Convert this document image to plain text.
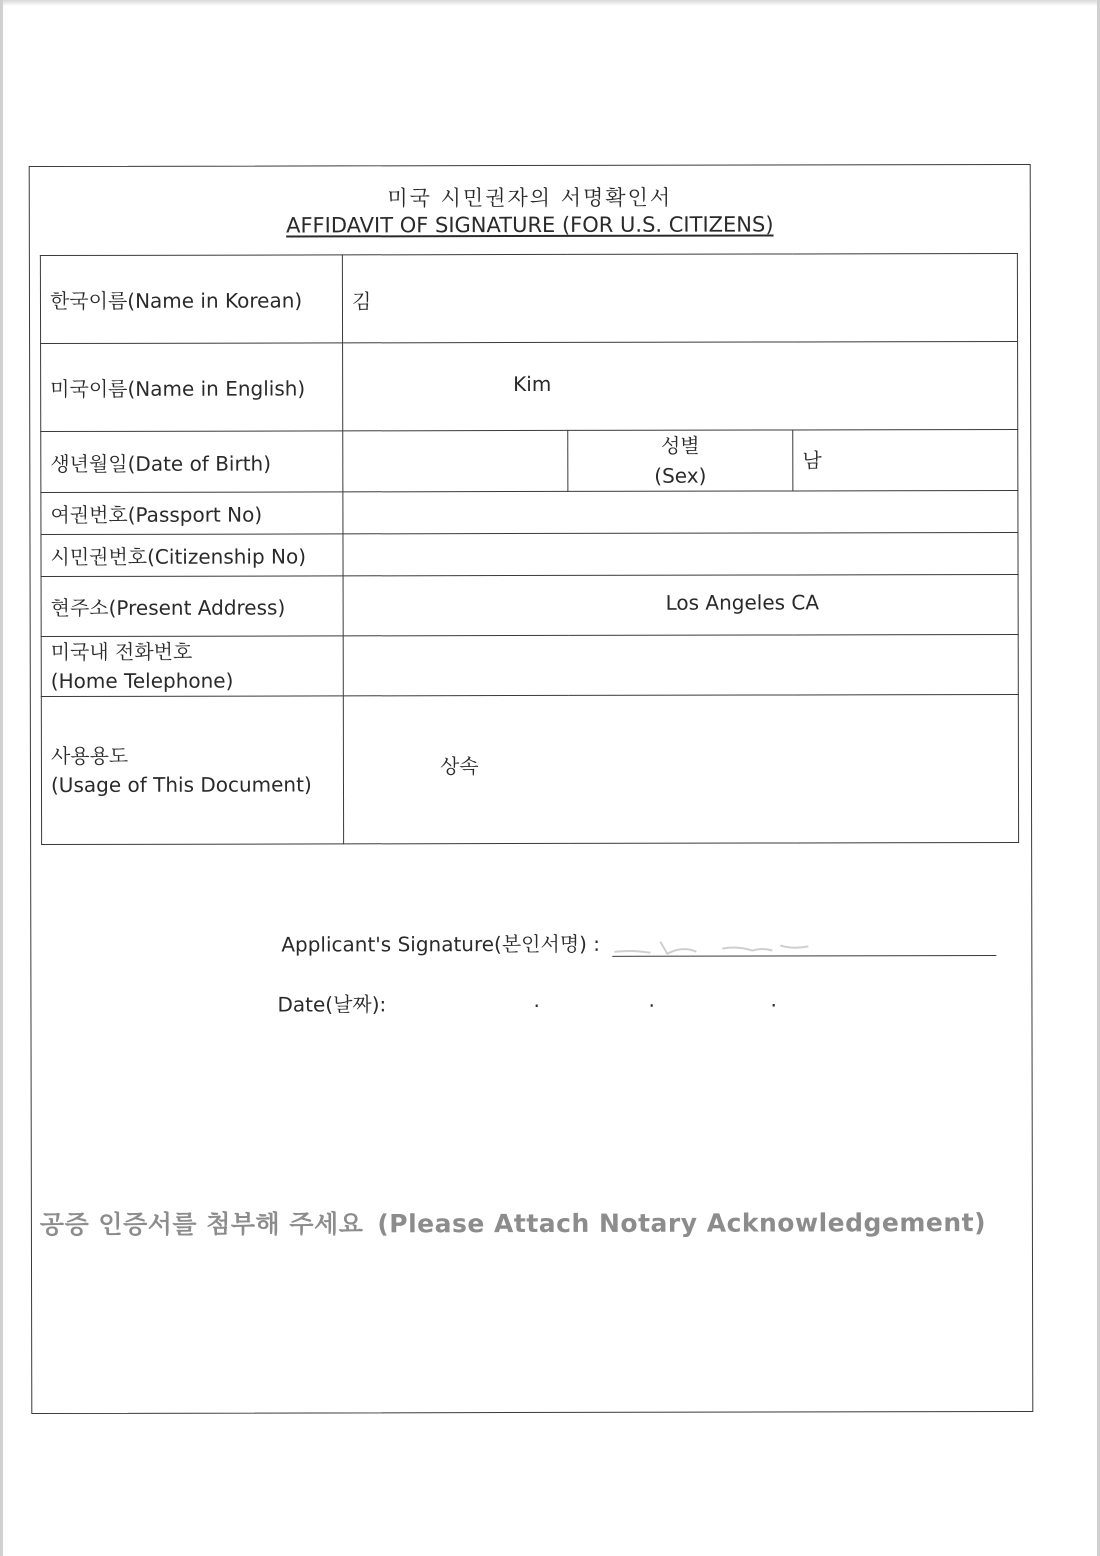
미국 시민권자의 서명확인서
AFFIDAVIT OF SIGNATURE (FOR U.S. CITIZENS)
한국이름(Name in Korean)	김		
미국이름(Name in English)	Kim		
생년월일(Date of Birth)		성별
(Sex)	남
여권번호(Passport No)			
시민권번호(Citizenship No)			
현주소(Present Address)	Los Angeles CA		

미국내 전화번호
(Home Telephone)			

사용용도
(Usage of This Document)	상속		
Applicant's Signature(본인서명) :
Date(날짜):	.	.	.
공증 인증서를 첨부해 주세요 (Please Attach Notary Acknowledgement)
